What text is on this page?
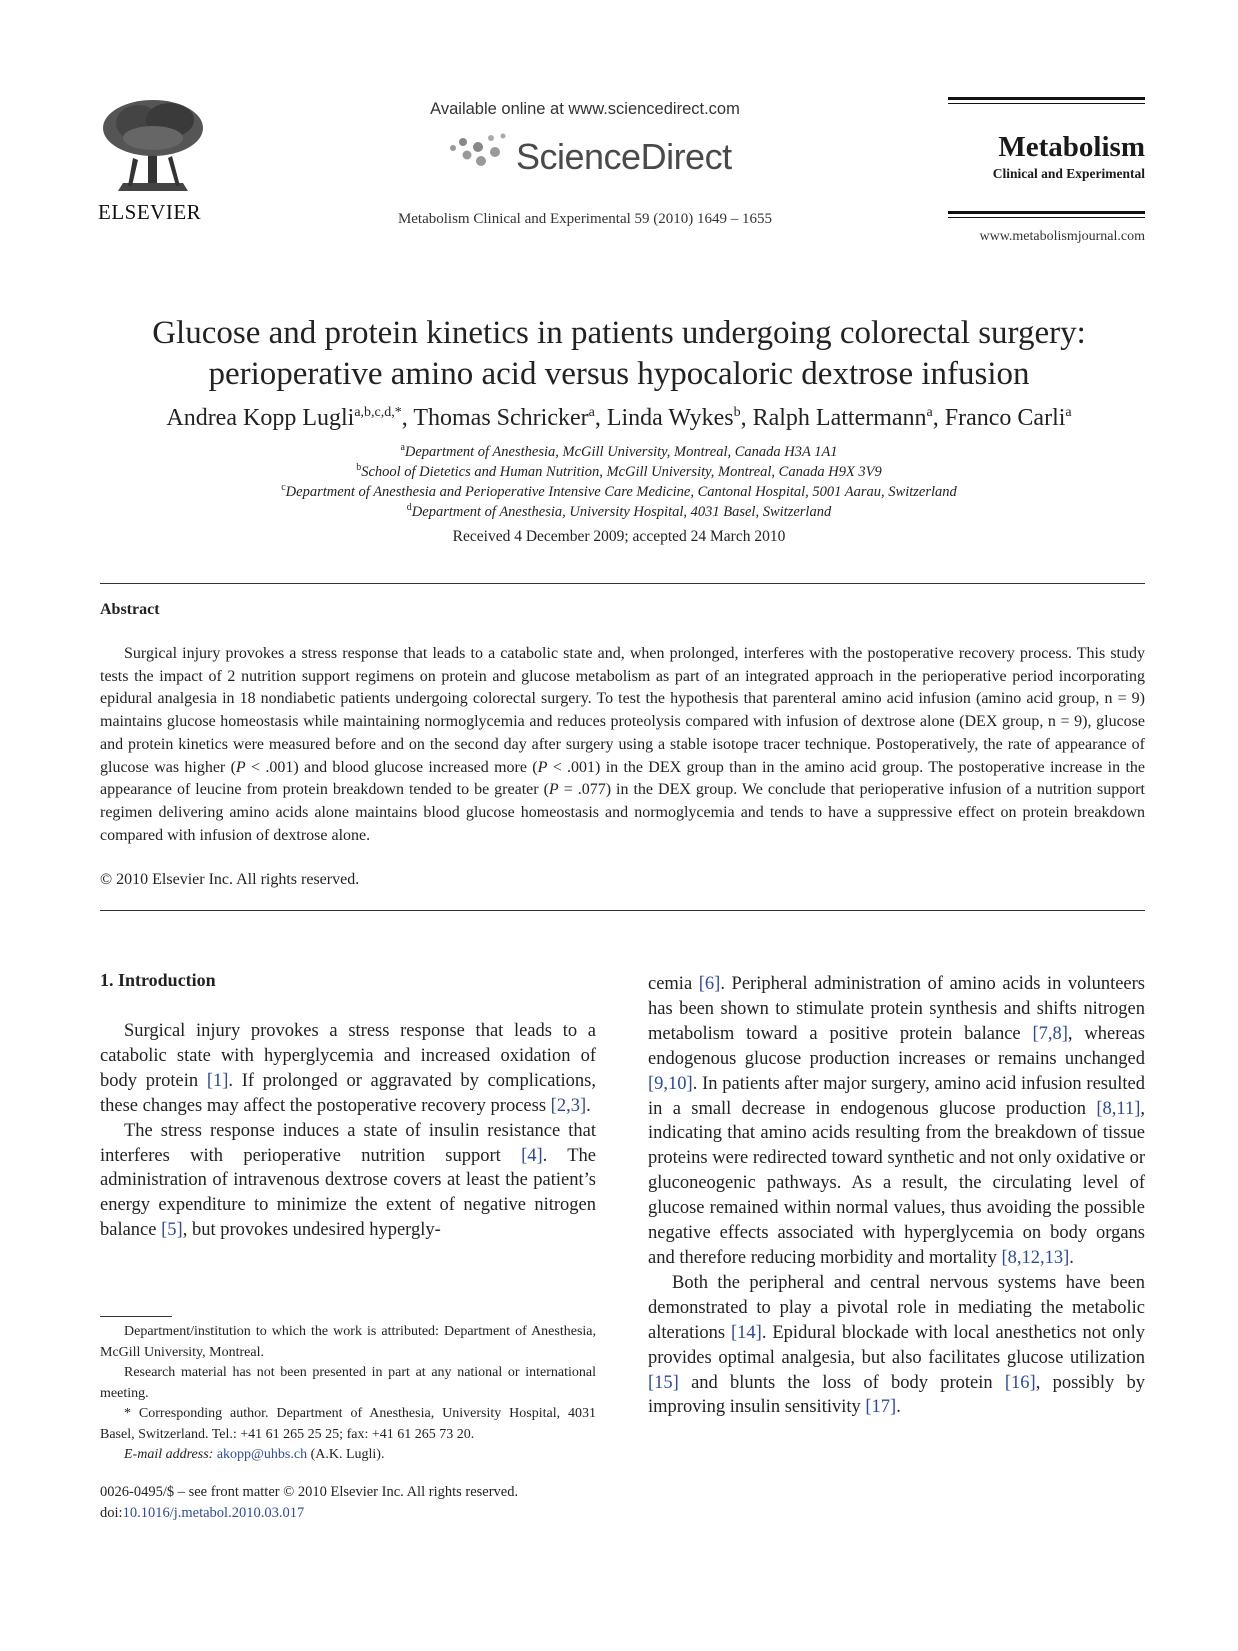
ELSEVIER
Available online at www.sciencedirect.com
ScienceDirect
Metabolism Clinical and Experimental 59 (2010) 1649 – 1655
Metabolism
Clinical and Experimental
www.metabolismjournal.com
Glucose and protein kinetics in patients undergoing colorectal surgery:
perioperative amino acid versus hypocaloric dextrose infusion
Andrea Kopp Lugli$^{a,b,c,d,*}$, Thomas Schricker$^a$, Linda Wykes$^b$, Ralph Lattermann$^a$, Franco Carli$^a$
$^a$Department of Anesthesia, McGill University, Montreal, Canada H3A 1A1
$^b$School of Dietetics and Human Nutrition, McGill University, Montreal, Canada H9X 3V9
$^c$Department of Anesthesia and Perioperative Intensive Care Medicine, Cantonal Hospital, 5001 Aarau, Switzerland
$^d$Department of Anesthesia, University Hospital, 4031 Basel, Switzerland
Received 4 December 2009; accepted 24 March 2010
Abstract
Surgical injury provokes a stress response that leads to a catabolic state and, when prolonged, interferes with the postoperative recovery process. This study tests the impact of 2 nutrition support regimens on protein and glucose metabolism as part of an integrated approach in the perioperative period incorporating epidural analgesia in 18 nondiabetic patients undergoing colorectal surgery. To test the hypothesis that parenteral amino acid infusion (amino acid group, n = 9) maintains glucose homeostasis while maintaining normoglycemia and reduces proteolysis compared with infusion of dextrose alone (DEX group, n = 9), glucose and protein kinetics were measured before and on the second day after surgery using a stable isotope tracer technique. Postoperatively, the rate of appearance of glucose was higher (P < .001) and blood glucose increased more (P < .001) in the DEX group than in the amino acid group. The postoperative increase in the appearance of leucine from protein breakdown tended to be greater (P = .077) in the DEX group. We conclude that perioperative infusion of a nutrition support regimen delivering amino acids alone maintains blood glucose homeostasis and normoglycemia and tends to have a suppressive effect on protein breakdown compared with infusion of dextrose alone.
© 2010 Elsevier Inc. All rights reserved.
1. Introduction

Surgical injury provokes a stress response that leads to a catabolic state with hyperglycemia and increased oxidation of body protein [1]. If prolonged or aggravated by complications, these changes may affect the postoperative recovery process [2,3].

The stress response induces a state of insulin resistance that interferes with perioperative nutrition support [4]. The administration of intravenous dextrose covers at least the patient’s energy expenditure to minimize the extent of negative nitrogen balance [5], but provokes undesired hypergly-

cemia [6]. Peripheral administration of amino acids in volunteers has been shown to stimulate protein synthesis and shifts nitrogen metabolism toward a positive protein balance [7,8], whereas endogenous glucose production increases or remains unchanged [9,10]. In patients after major surgery, amino acid infusion resulted in a small decrease in endogenous glucose production [8,11], indicating that amino acids resulting from the breakdown of tissue proteins were redirected toward synthetic and not only oxidative or gluconeogenic pathways. As a result, the circulating level of glucose remained within normal values, thus avoiding the possible negative effects associated with hyperglycemia on body organs and therefore reducing morbidity and mortality [8,12,13].

Both the peripheral and central nervous systems have been demonstrated to play a pivotal role in mediating the metabolic alterations [14]. Epidural blockade with local anesthetics not only provides optimal analgesia, but also facilitates glucose utilization [15] and blunts the loss of body protein [16], possibly by improving insulin sensitivity [17].

Department/institution to which the work is attributed: Department of Anesthesia, McGill University, Montreal.

Research material has not been presented in part at any national or international meeting.

* Corresponding author. Department of Anesthesia, University Hospital, 4031 Basel, Switzerland. Tel.: +41 61 265 25 25; fax: +41 61 265 73 20.

E-mail address: akopp@uhbs.ch (A.K. Lugli).

0026-0495/$ – see front matter © 2010 Elsevier Inc. All rights reserved.
doi:10.1016/j.metabol.2010.03.017
